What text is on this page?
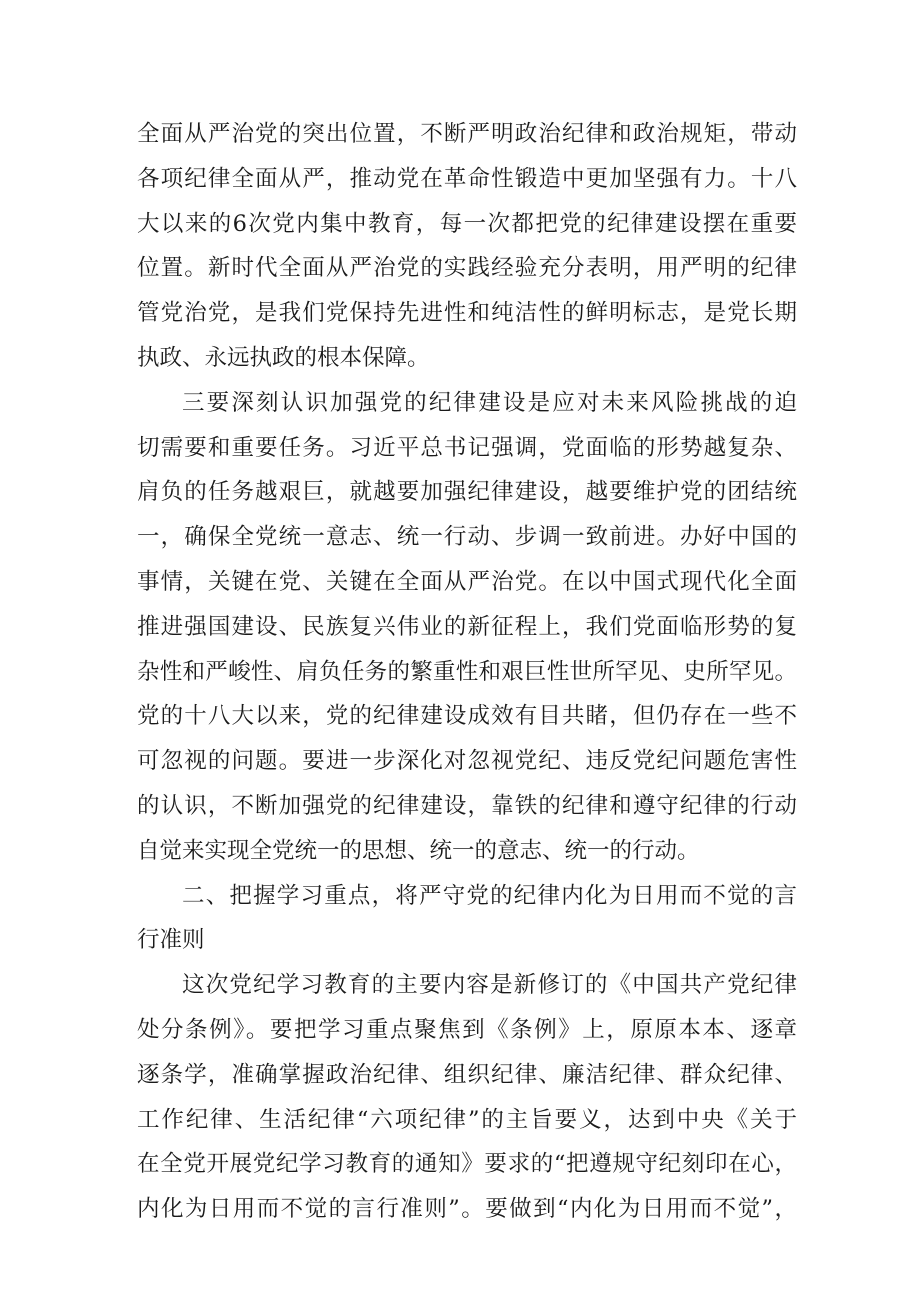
全面从严治党的突出位置，不断严明政治纪律和政治规矩，带动
各项纪律全面从严，推动党在革命性锻造中更加坚强有力。十八
大以来的6次党内集中教育，每一次都把党的纪律建设摆在重要
位置。新时代全面从严治党的实践经验充分表明，用严明的纪律
管党治党，是我们党保持先进性和纯洁性的鲜明标志，是党长期
执政、永远执政的根本保障。
三要深刻认识加强党的纪律建设是应对未来风险挑战的迫
切需要和重要任务。习近平总书记强调，党面临的形势越复杂、
肩负的任务越艰巨，就越要加强纪律建设，越要维护党的团结统
一，确保全党统一意志、统一行动、步调一致前进。办好中国的
事情，关键在党、关键在全面从严治党。在以中国式现代化全面
推进强国建设、民族复兴伟业的新征程上，我们党面临形势的复
杂性和严峻性、肩负任务的繁重性和艰巨性世所罕见、史所罕见。
党的十八大以来，党的纪律建设成效有目共睹，但仍存在一些不
可忽视的问题。要进一步深化对忽视党纪、违反党纪问题危害性
的认识，不断加强党的纪律建设，靠铁的纪律和遵守纪律的行动
自觉来实现全党统一的思想、统一的意志、统一的行动。
二、把握学习重点，将严守党的纪律内化为日用而不觉的言
行准则
这次党纪学习教育的主要内容是新修订的《中国共产党纪律
处分条例》。要把学习重点聚焦到《条例》上，原原本本、逐章
逐条学，准确掌握政治纪律、组织纪律、廉洁纪律、群众纪律、
工作纪律、生活纪律“六项纪律”的主旨要义，达到中央《关于
在全党开展党纪学习教育的通知》要求的“把遵规守纪刻印在心，
内化为日用而不觉的言行准则”。要做到“内化为日用而不觉”，
